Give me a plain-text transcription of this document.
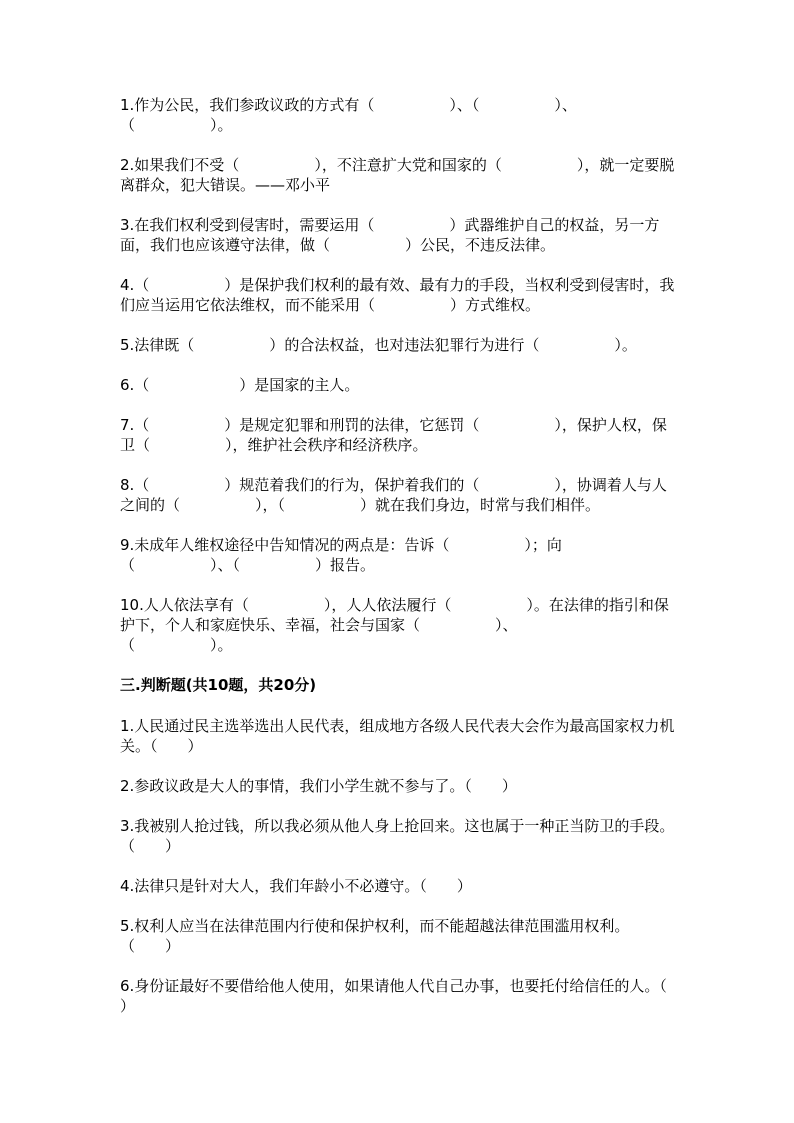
1.作为公民，我们参政议政的方式有（　　　　　）、（　　　　　）、
（　　　　　）。
2.如果我们不受（　　　　　），不注意扩大党和国家的（　　　　　），就一定要脱离群众，犯大错误。——邓小平
3.在我们权利受到侵害时，需要运用（　　　　　）武器维护自己的权益，另一方面，我们也应该遵守法律，做（　　　　　）公民，不违反法律。
4.（　　　　　）是保护我们权利的最有效、最有力的手段，当权利受到侵害时，我们应当运用它依法维权，而不能采用（　　　　　）方式维权。
5.法律既（　　　　　）的合法权益，也对违法犯罪行为进行（　　　　　）。
6.（　　　　　　）是国家的主人。
7.（　　　　　）是规定犯罪和刑罚的法律，它惩罚（　　　　　），保护人权，保卫（　　　　　），维护社会秩序和经济秩序。
8.（　　　　　）规范着我们的行为，保护着我们的（　　　　　），协调着人与人之间的（　　　　　），（　　　　　）就在我们身边，时常与我们相伴。
9.未成年人维权途径中告知情况的两点是：告诉（　　　　　）；向
（　　　　　）、（　　　　　）报告。
10.人人依法享有（　　　　　），人人依法履行（　　　　　）。在法律的指引和保护下，个人和家庭快乐、幸福，社会与国家（　　　　　）、
（　　　　　）。
三.判断题(共10题，共20分)
1.人民通过民主选举选出人民代表，组成地方各级人民代表大会作为最高国家权力机关。（　　）
2.参政议政是大人的事情，我们小学生就不参与了。（　　）
3.我被别人抢过钱，所以我必须从他人身上抢回来。这也属于一种正当防卫的手段。（　　）
4.法律只是针对大人，我们年龄小不必遵守。（　　）
5.权利人应当在法律范围内行使和保护权利，而不能超越法律范围滥用权利。
（　　）
6.身份证最好不要借给他人使用，如果请他人代自己办事，也要托付给信任的人。（　　）
